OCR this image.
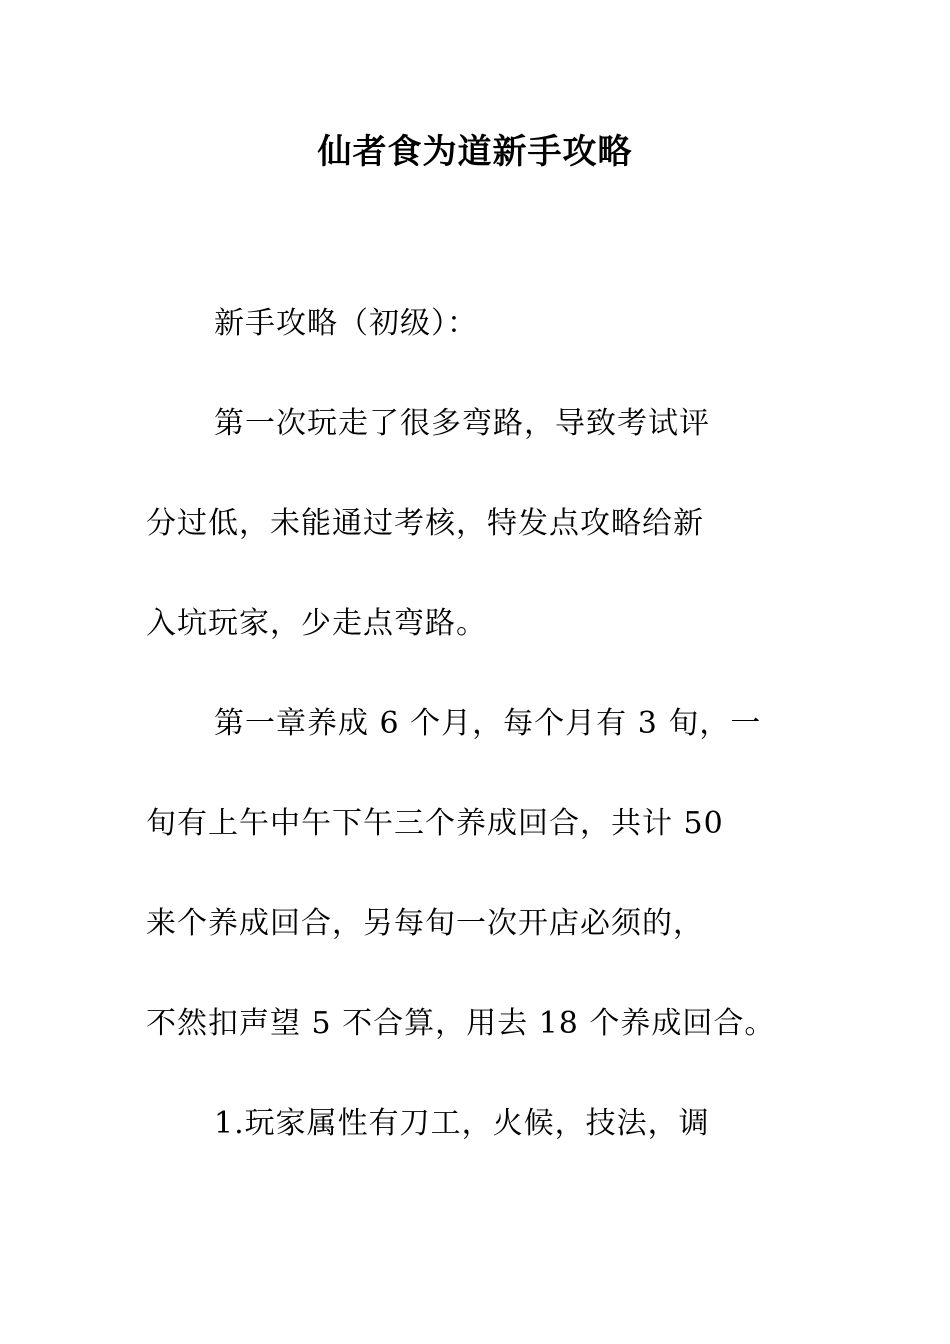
仙者食为道新手攻略
新手攻略（初级）：
第一次玩走了很多弯路，导致考试评
分过低，未能通过考核，特发点攻略给新
入坑玩家，少走点弯路。
第一章养成 6 个月，每个月有 3 旬，一
旬有上午中午下午三个养成回合，共计 50
来个养成回合，另每旬一次开店必须的，
不然扣声望 5 不合算，用去 18 个养成回合。
1.玩家属性有刀工，火候，技法，调
